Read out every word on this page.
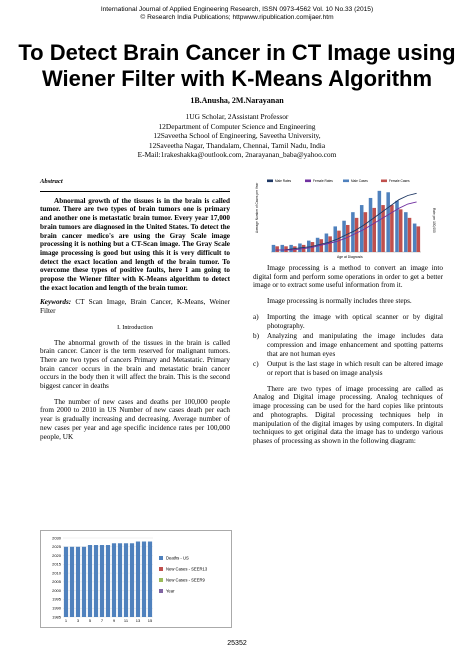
International Journal of Applied Engineering Research, ISSN 0973-4562 Vol. 10 No.33 (2015)
© Research India Publications; httpwww.ripublication.comijaer.htm
To Detect Brain Cancer in CT Image using
Wiener Filter with K-Means Algorithm
1B.Anusha, 2M.Narayanan
1UG Scholar, 2Assistant Professor
12Department of Computer Science and Engineering
12Saveetha School of Engineering, Saveetha University,
12Saveetha Nagar, Thandalam, Chennai, Tamil Nadu, India
E-Mail:1rakeshakka@outlook.com, 2narayanan_baba@yahoo.com
Abstract
Abnormal growth of the tissues is in the brain is called tumor. There are two types of brain tumors one is primary and another one is metastatic brain tumor. Every year 17,000 brain tumors are diagnosed in the United States. To detect the brain cancer medico's are using the Gray Scale image processing it is nothing but a CT-Scan image. The Gray Scale image processing is good but using this it is very difficult to detect the exact location and length of the brain tumor. To overcome these types of positive faults, here I am going to propose the Wiener filter with K-Means algorithm to detect the exact location and length of the brain tumor.
Keywords: CT Scan Image, Brain Cancer, K-Means, Weiner Filter
I. Introduction

The abnormal growth of the tissues in the brain is called brain cancer. Cancer is the term reserved for malignant tumors. There are two types of cancers Primary and Metastatic. Primary brain cancer occurs in the brain and metastatic brain cancer occurs in the body then it will affect the brain. This is the second biggest cancer in deaths

The number of new cases and deaths per 100,000 people from 2000 to 2010 in US Number of new cases death per each year is gradually increasing and decreasing. Average number of new cases per year and age specific incidence rates per 100,000 people, UK

2030
2025
2020
2015
2010
2005
2000
1995
1990
1985
1 3 5 7 9 11 13 15
Deaths - US
New Cases - SEER13
New Cases - SEER9
Year
Male Rates	Female Rates	Male Cases	Female Cases
Age at Diagnosis
Average Number of Cases per Year	Rate per 100,000

Image processing is a method to convert an image into digital form and perform some operations in order to get a better image or to extract some useful information from it.

Image processing is normally includes three steps.

a)	Importing the image with optical scanner or by digital photography.
b)	Analyzing and manipulating the image includes data compression and image enhancement and spotting patterns that are not human eyes
c)	Output is the last stage in which result can be altered image or report that is based on image analysis

There are two types of image processing are called as Analog and Digital image processing. Analog techniques of image processing can be used for the hard copies like printouts and photographs. Digital processing techniques help in manipulation of the digital images by using computers. In digital techniques to get original data the image has to undergo various phases of processing as shown in the following diagram:

25352
